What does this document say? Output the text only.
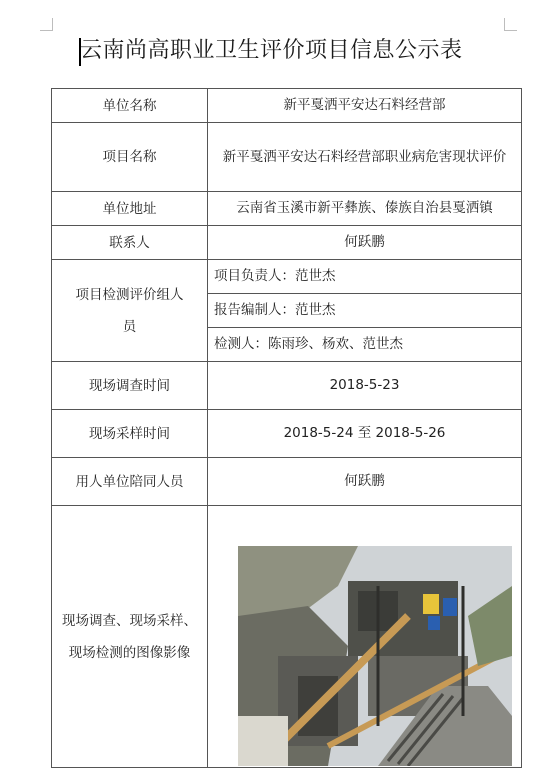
云南尚高职业卫生评价项目信息公示表
单位名称	新平戛洒平安达石料经营部
项目名称	新平戛洒平安达石料经营部职业病危害现状评价
单位地址	云南省玉溪市新平彝族、傣族自治县戛洒镇
联系人	何跃鹏
项目检测评价组人员	项目负责人：范世杰
	报告编制人：范世杰
	检测人：陈雨珍、杨欢、范世杰
现场调查时间	2018-5-23
现场采样时间	2018-5-24 至 2018-5-26
用人单位陪同人员	何跃鹏
现场调查、现场采样、现场检测的图像影像	
